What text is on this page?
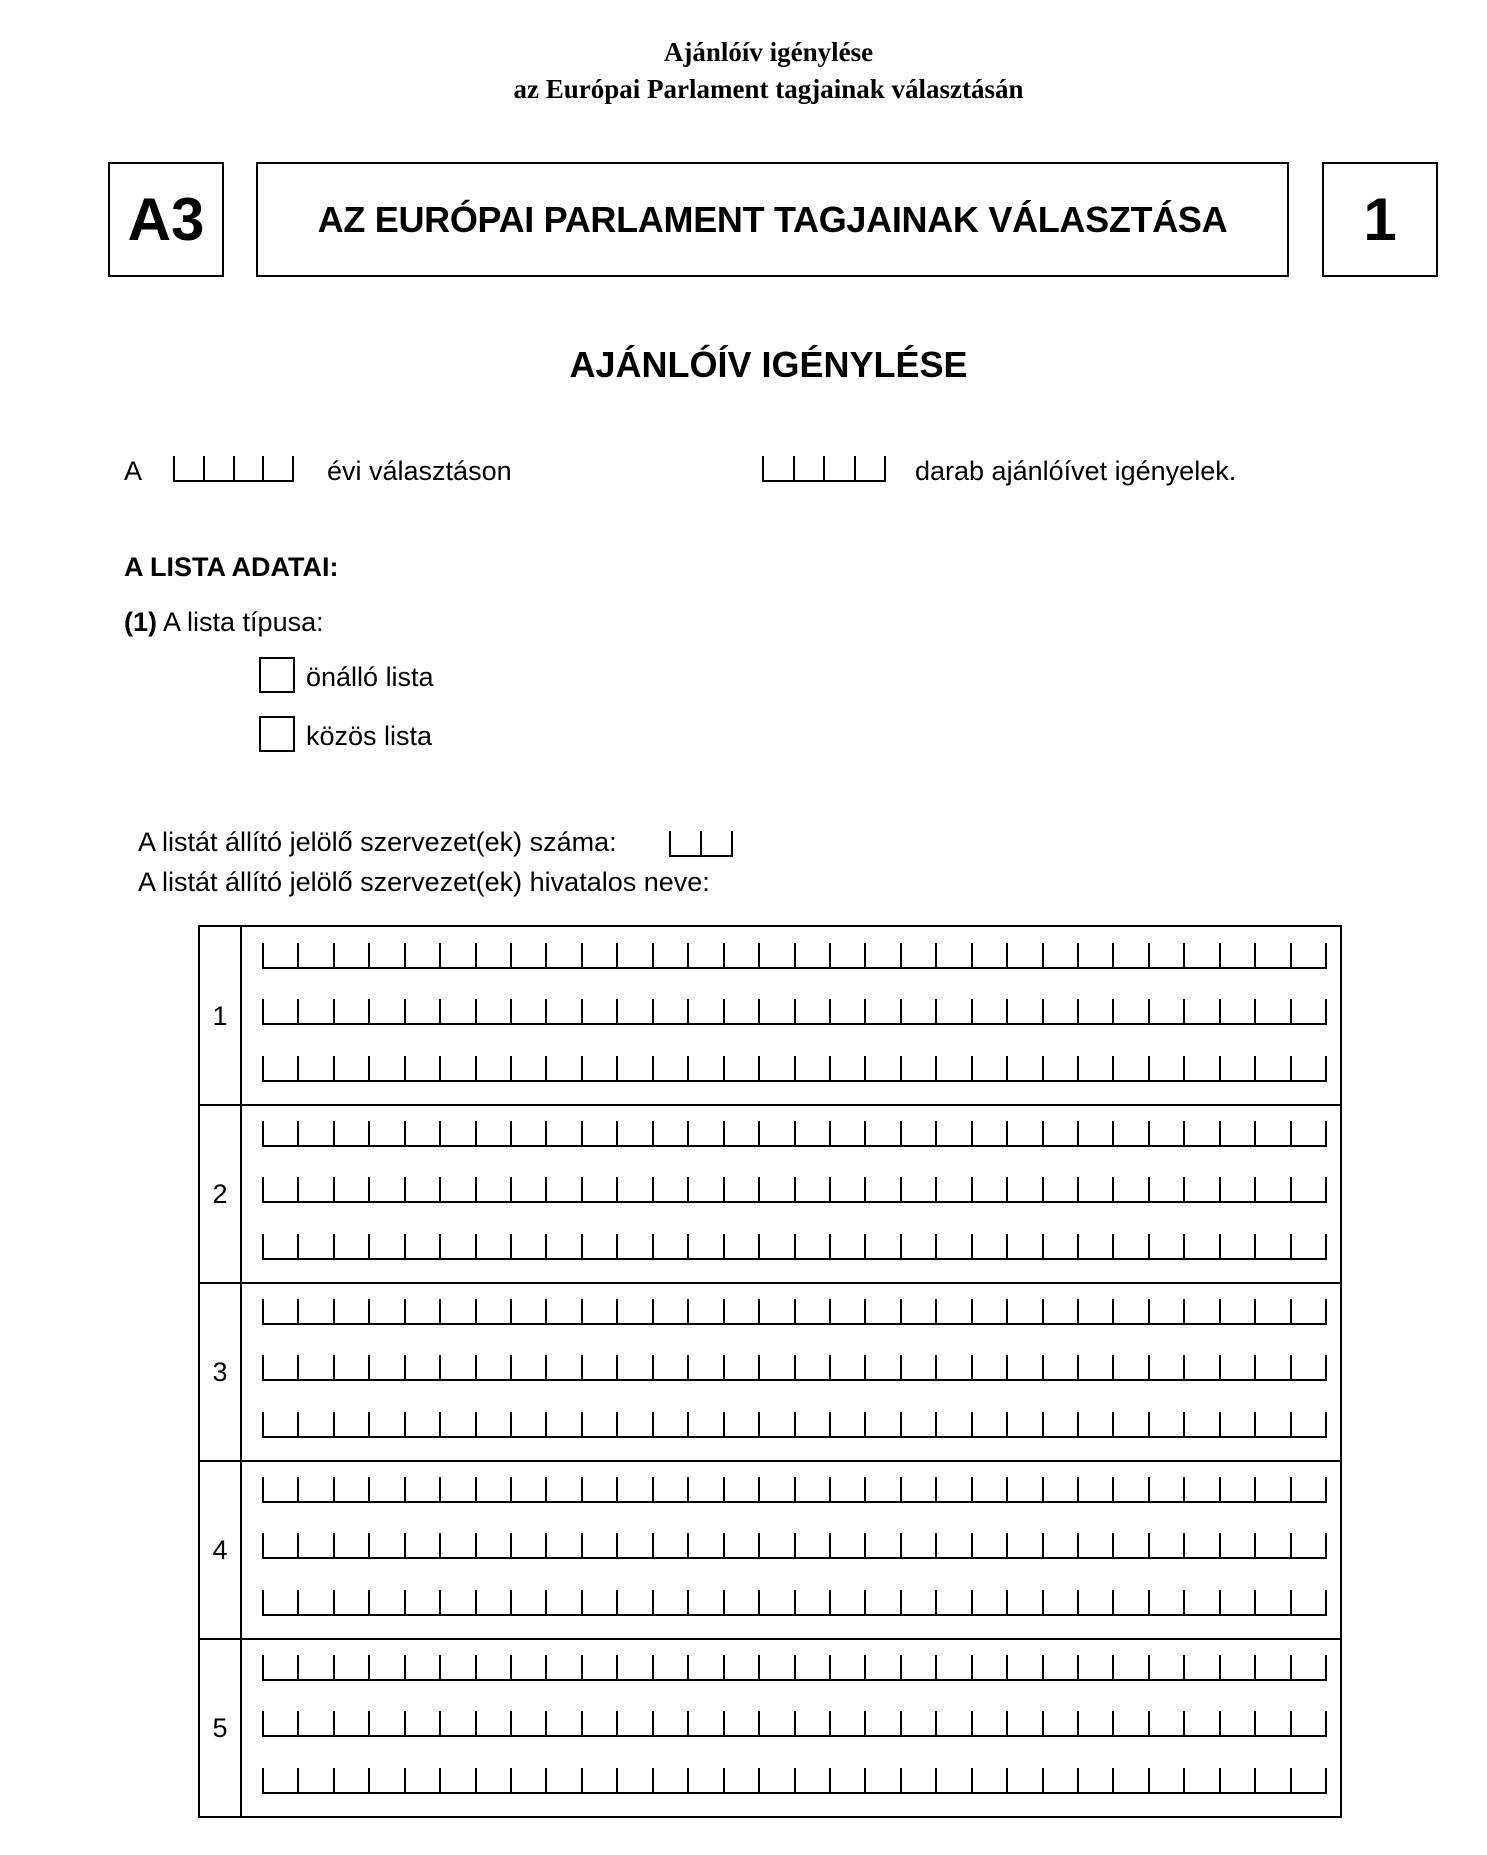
Ajánlóív igénylése
az Európai Parlament tagjainak választásán
A3	AZ EURÓPAI PARLAMENT TAGJAINAK VÁLASZTÁSA	1
AJÁNLÓÍV IGÉNYLÉSE
A	évi választáson	darab ajánlóívet igényelek.
A LISTA ADATAI:
(1) A lista típusa:
önálló lista
közös lista
A listát állító jelölő szervezet(ek) száma:
A listát állító jelölő szervezet(ek) hivatalos neve:
1
2
3
4
5
